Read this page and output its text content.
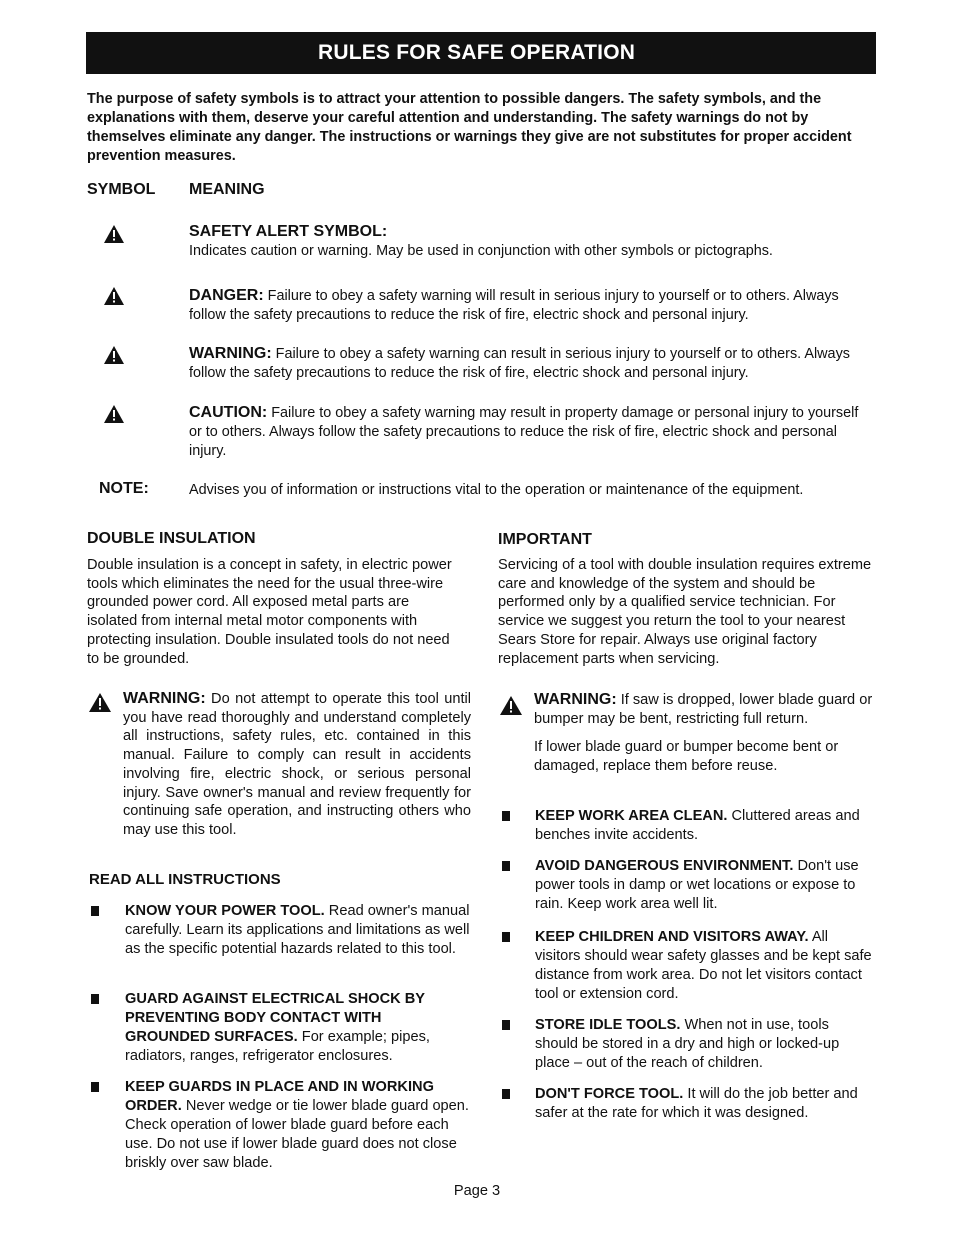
RULES FOR SAFE OPERATION
The purpose of safety symbols is to attract your attention to possible dangers. The safety symbols, and the explanations with them, deserve your careful attention and understanding. The safety warnings do not by themselves eliminate any danger. The instructions or warnings they give are not substitutes for proper accident prevention measures.
SYMBOL MEANING
SAFETY ALERT SYMBOL:
Indicates caution or warning. May be used in conjunction with other symbols or pictographs.
DANGER: Failure to obey a safety warning will result in serious injury to yourself or to others. Always follow the safety precautions to reduce the risk of fire, electric shock and personal injury.
WARNING: Failure to obey a safety warning can result in serious injury to yourself or to others. Always follow the safety precautions to reduce the risk of fire, electric shock and personal injury.
CAUTION: Failure to obey a safety warning may result in property damage or personal injury to yourself or to others. Always follow the safety precautions to reduce the risk of fire, electric shock and personal injury.
NOTE:	Advises you of information or instructions vital to the operation or maintenance of the equipment.
DOUBLE INSULATION
Double insulation is a concept in safety, in electric power tools which eliminates the need for the usual three-wire grounded power cord. All exposed metal parts are isolated from internal metal motor components with protecting insulation. Double insulated tools do not need to be grounded.
IMPORTANT
Servicing of a tool with double insulation requires extreme care and knowledge of the system and should be performed only by a qualified service technician. For service we suggest you return the tool to your nearest Sears Store for repair. Always use original factory replacement parts when servicing.
WARNING: Do not attempt to operate this tool until you have read thoroughly and understand completely all instructions, safety rules, etc. contained in this manual. Failure to comply can result in accidents involving fire, electric shock, or serious personal injury. Save owner's manual and review frequently for continuing safe operation, and instructing others who may use this tool.
READ ALL INSTRUCTIONS
KNOW YOUR POWER TOOL. Read owner's manual carefully. Learn its applications and limitations as well as the specific potential hazards related to this tool.
GUARD AGAINST ELECTRICAL SHOCK BY PREVENTING BODY CONTACT WITH GROUNDED SURFACES. For example; pipes, radiators, ranges, refrigerator enclosures.
KEEP GUARDS IN PLACE AND IN WORKING ORDER. Never wedge or tie lower blade guard open. Check operation of lower blade guard before each use. Do not use if lower blade guard does not close briskly over saw blade.
WARNING: If saw is dropped, lower blade guard or bumper may be bent, restricting full return.
If lower blade guard or bumper become bent or damaged, replace them before reuse.
KEEP WORK AREA CLEAN. Cluttered areas and benches invite accidents.
AVOID DANGEROUS ENVIRONMENT. Don't use power tools in damp or wet locations or expose to rain. Keep work area well lit.
KEEP CHILDREN AND VISITORS AWAY. All visitors should wear safety glasses and be kept safe distance from work area. Do not let visitors contact tool or extension cord.
STORE IDLE TOOLS. When not in use, tools should be stored in a dry and high or locked-up place – out of the reach of children.
DON'T FORCE TOOL. It will do the job better and safer at the rate for which it was designed.
Page 3
